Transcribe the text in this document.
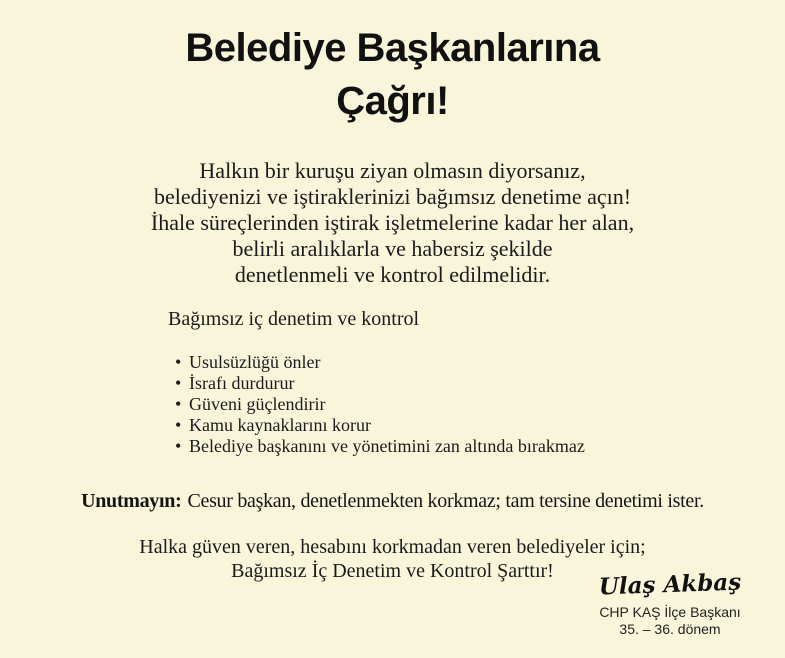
Belediye Başkanlarına
Çağrı!
Halkın bir kuruşu ziyan olmasın diyorsanız,
belediyenizi ve iştiraklerinizi bağımsız denetime açın!
İhale süreçlerinden iştirak işletmelerine kadar her alan,
belirli aralıklarla ve habersiz şekilde
denetlenmeli ve kontrol edilmelidir.
Bağımsız iç denetim ve kontrol
• Usulsüzlüğü önler
• İsrafı durdurur
• Güveni güçlendirir
• Kamu kaynaklarını korur
• Belediye başkanını ve yönetimini zan altında bırakmaz
Unutmayın: Cesur başkan, denetlenmekten korkmaz; tam tersine denetimi ister.
Halka güven veren, hesabını korkmadan veren belediyeler için;
Bağımsız İç Denetim ve Kontrol Şarttır!	Ulaş Akbaş
CHP KAŞ İlçe Başkanı
35. – 36. dönem
